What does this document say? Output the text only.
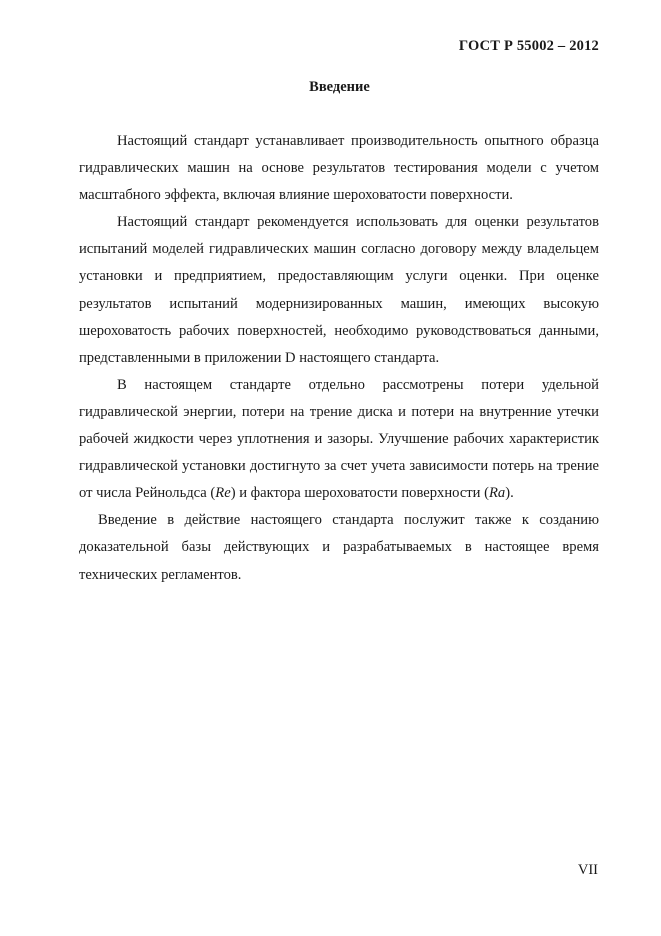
ГОСТ Р 55002 – 2012
Введение

Настоящий стандарт устанавливает производительность опытного образца гидравлических машин на основе результатов тестирования модели с учетом масштабного эффекта, включая влияние шероховатости поверхности.

Настоящий стандарт рекомендуется использовать для оценки результатов испытаний моделей гидравлических машин согласно договору между владельцем установки и предприятием, предоставляющим услуги оценки. При оценке результатов испытаний модернизированных машин, имеющих высокую шероховатость рабочих поверхностей, необходимо руководствоваться данными, представленными в приложении D настоящего стандарта.

В настоящем стандарте отдельно рассмотрены потери удельной гидравлической энергии, потери на трение диска и потери на внутренние утечки рабочей жидкости через уплотнения и зазоры. Улучшение рабочих характеристик гидравлической установки достигнуто за счет учета зависимости потерь на трение от числа Рейнольдса (Re) и фактора шероховатости поверхности (Ra).

Введение в действие настоящего стандарта послужит также к созданию доказательной базы действующих и разрабатываемых в настоящее время технических регламентов.

VII
